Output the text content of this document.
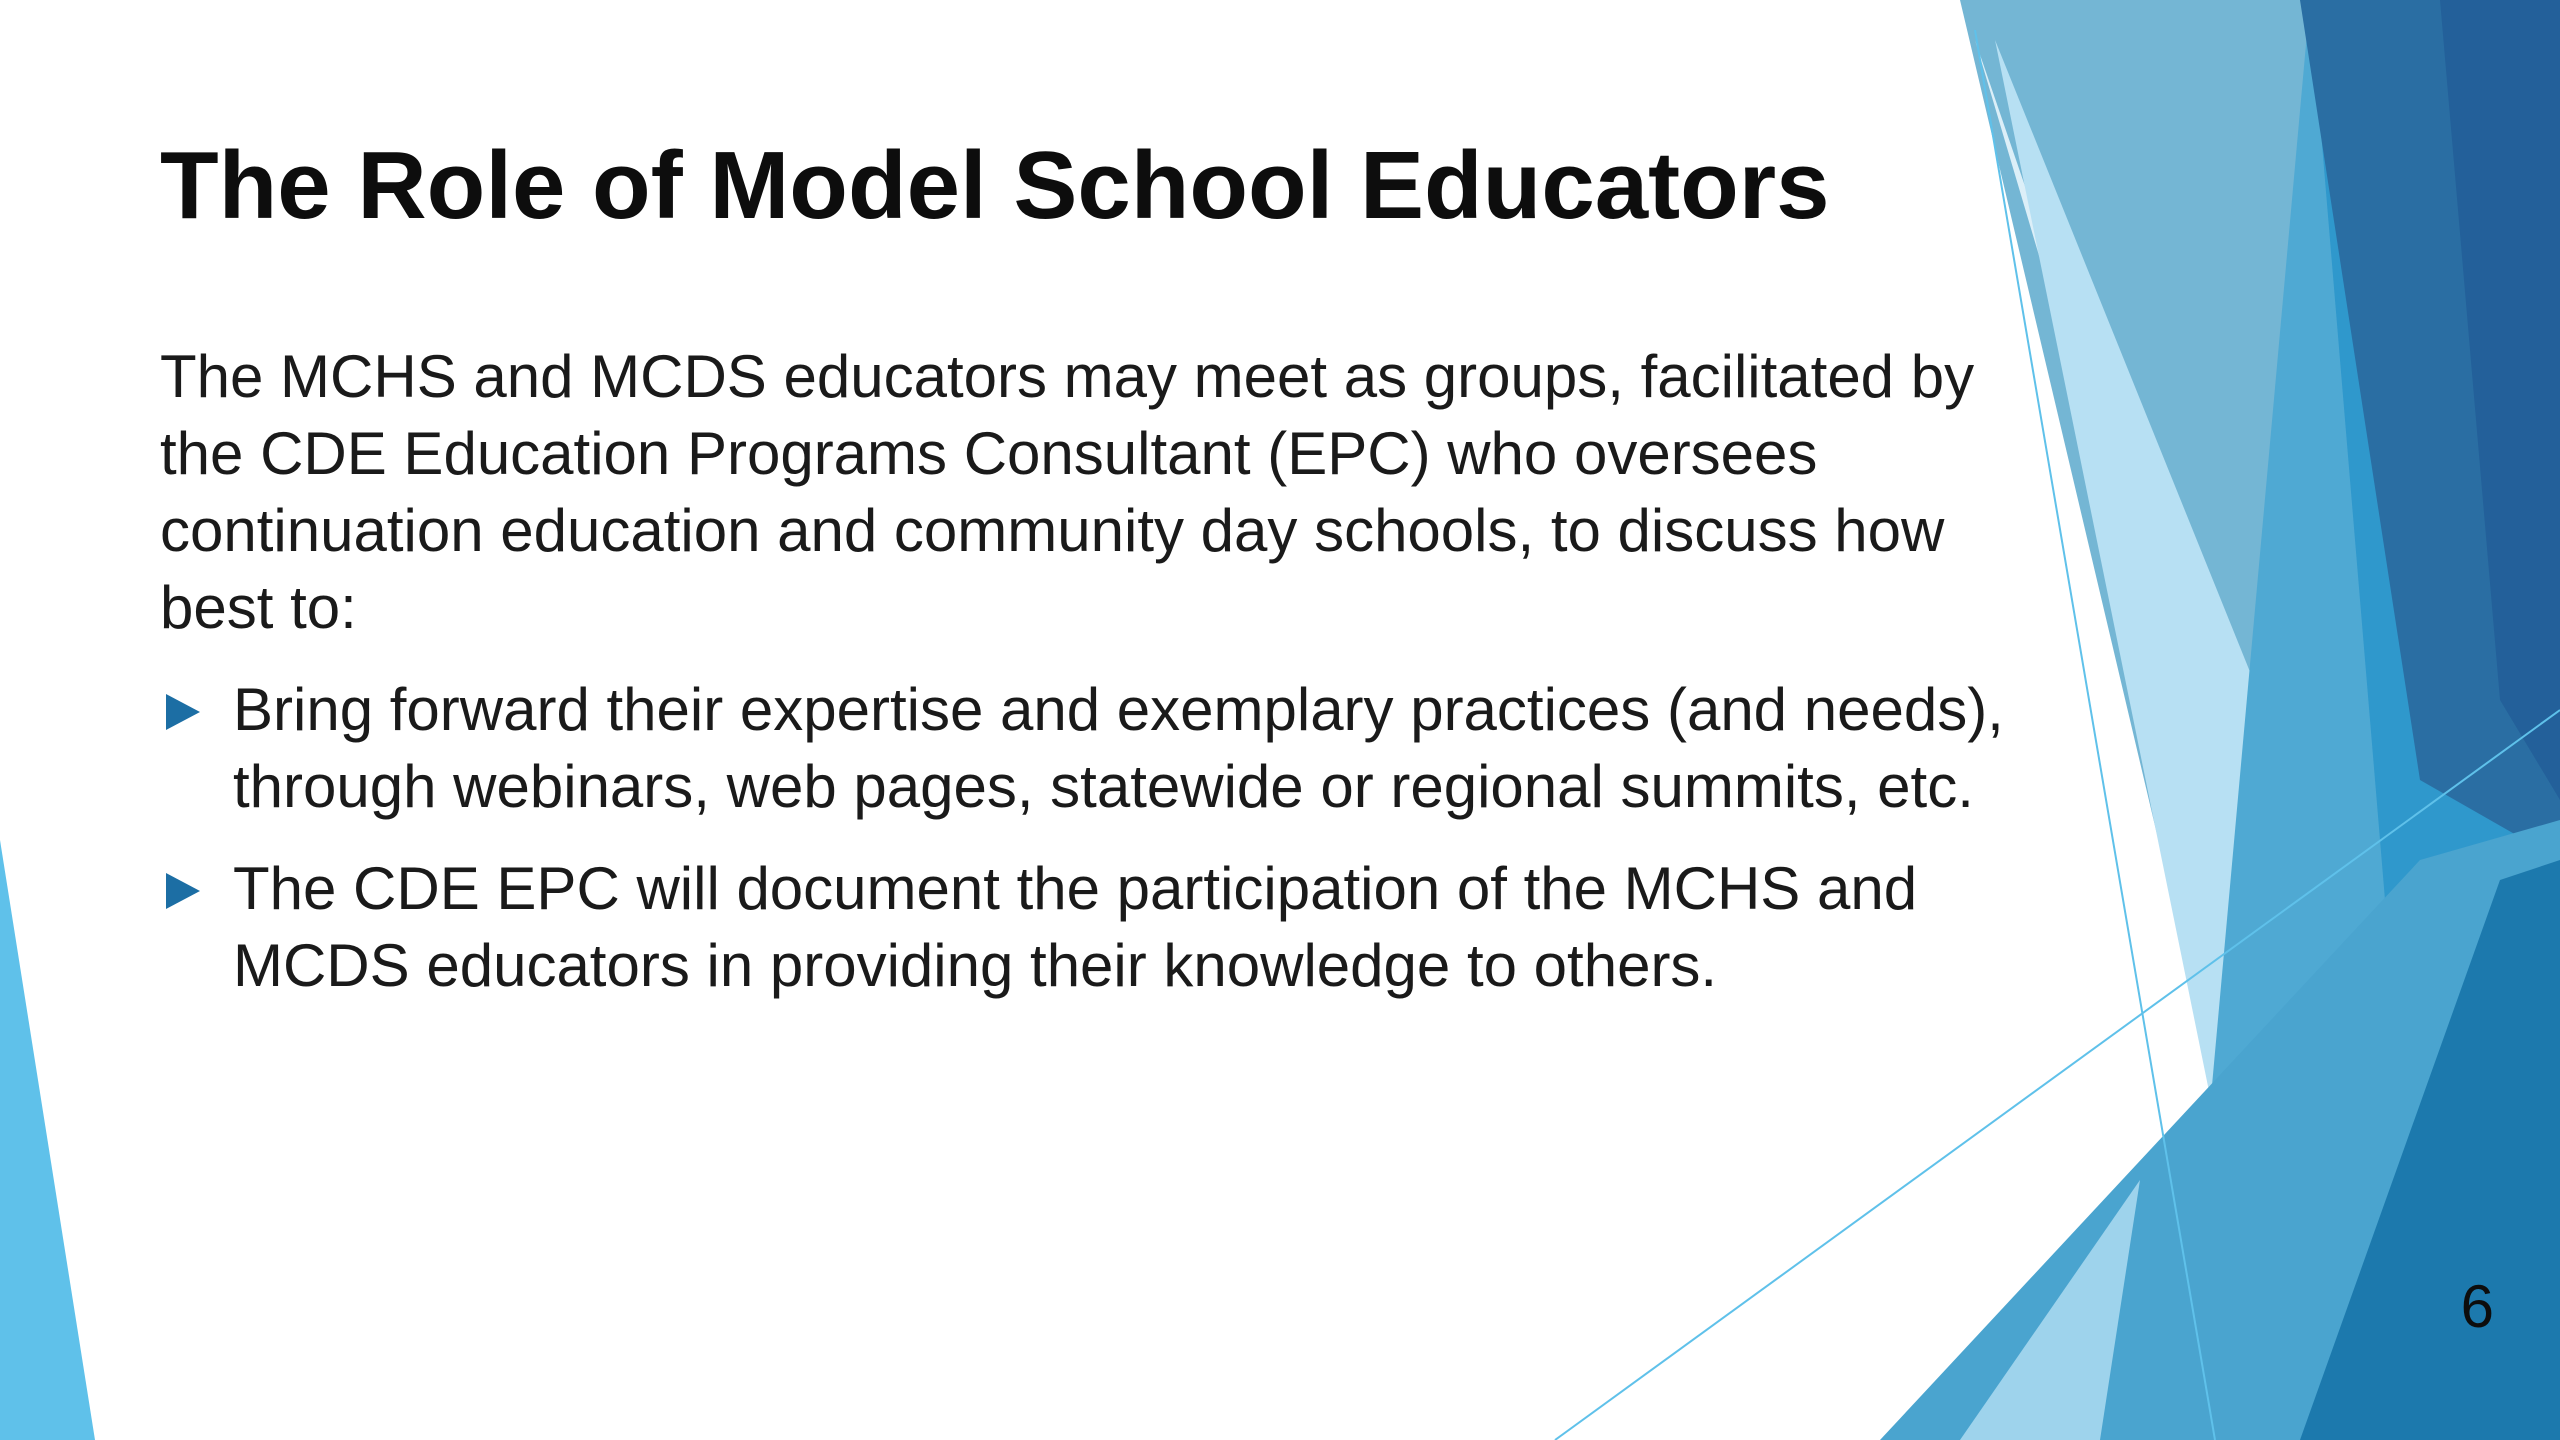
The Role of Model School Educators

The MCHS and MCDS educators may meet as groups, facilitated by the CDE Education Programs Consultant (EPC) who oversees continuation education and community day schools, to discuss how best to:

Bring forward their expertise and exemplary practices (and needs), through webinars, web pages, statewide or regional summits, etc.
The CDE EPC will document the participation of the MCHS and MCDS educators in providing their knowledge to others.
6
